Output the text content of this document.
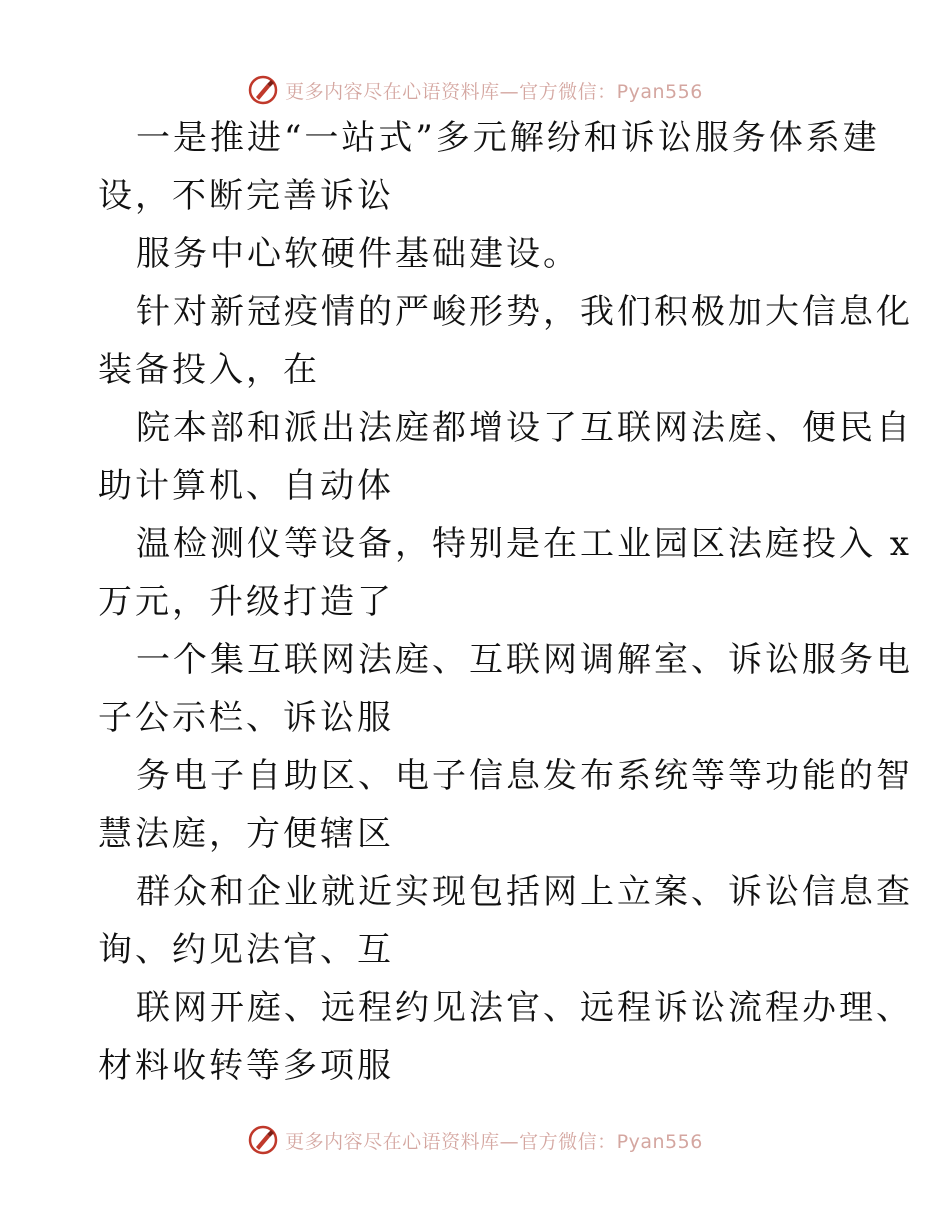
更多内容尽在心语资料库—官方微信：Pyan556
一是推进“一站式”多元解纷和诉讼服务体系建
设，不断完善诉讼
服务中心软硬件基础建设。
针对新冠疫情的严峻形势，我们积极加大信息化
装备投入，在
院本部和派出法庭都增设了互联网法庭、便民自
助计算机、自动体
温检测仪等设备，特别是在工业园区法庭投入 x
万元，升级打造了
一个集互联网法庭、互联网调解室、诉讼服务电
子公示栏、诉讼服
务电子自助区、电子信息发布系统等等功能的智
慧法庭，方便辖区
群众和企业就近实现包括网上立案、诉讼信息查
询、约见法官、互
联网开庭、远程约见法官、远程诉讼流程办理、
材料收转等多项服
更多内容尽在心语资料库—官方微信：Pyan556
